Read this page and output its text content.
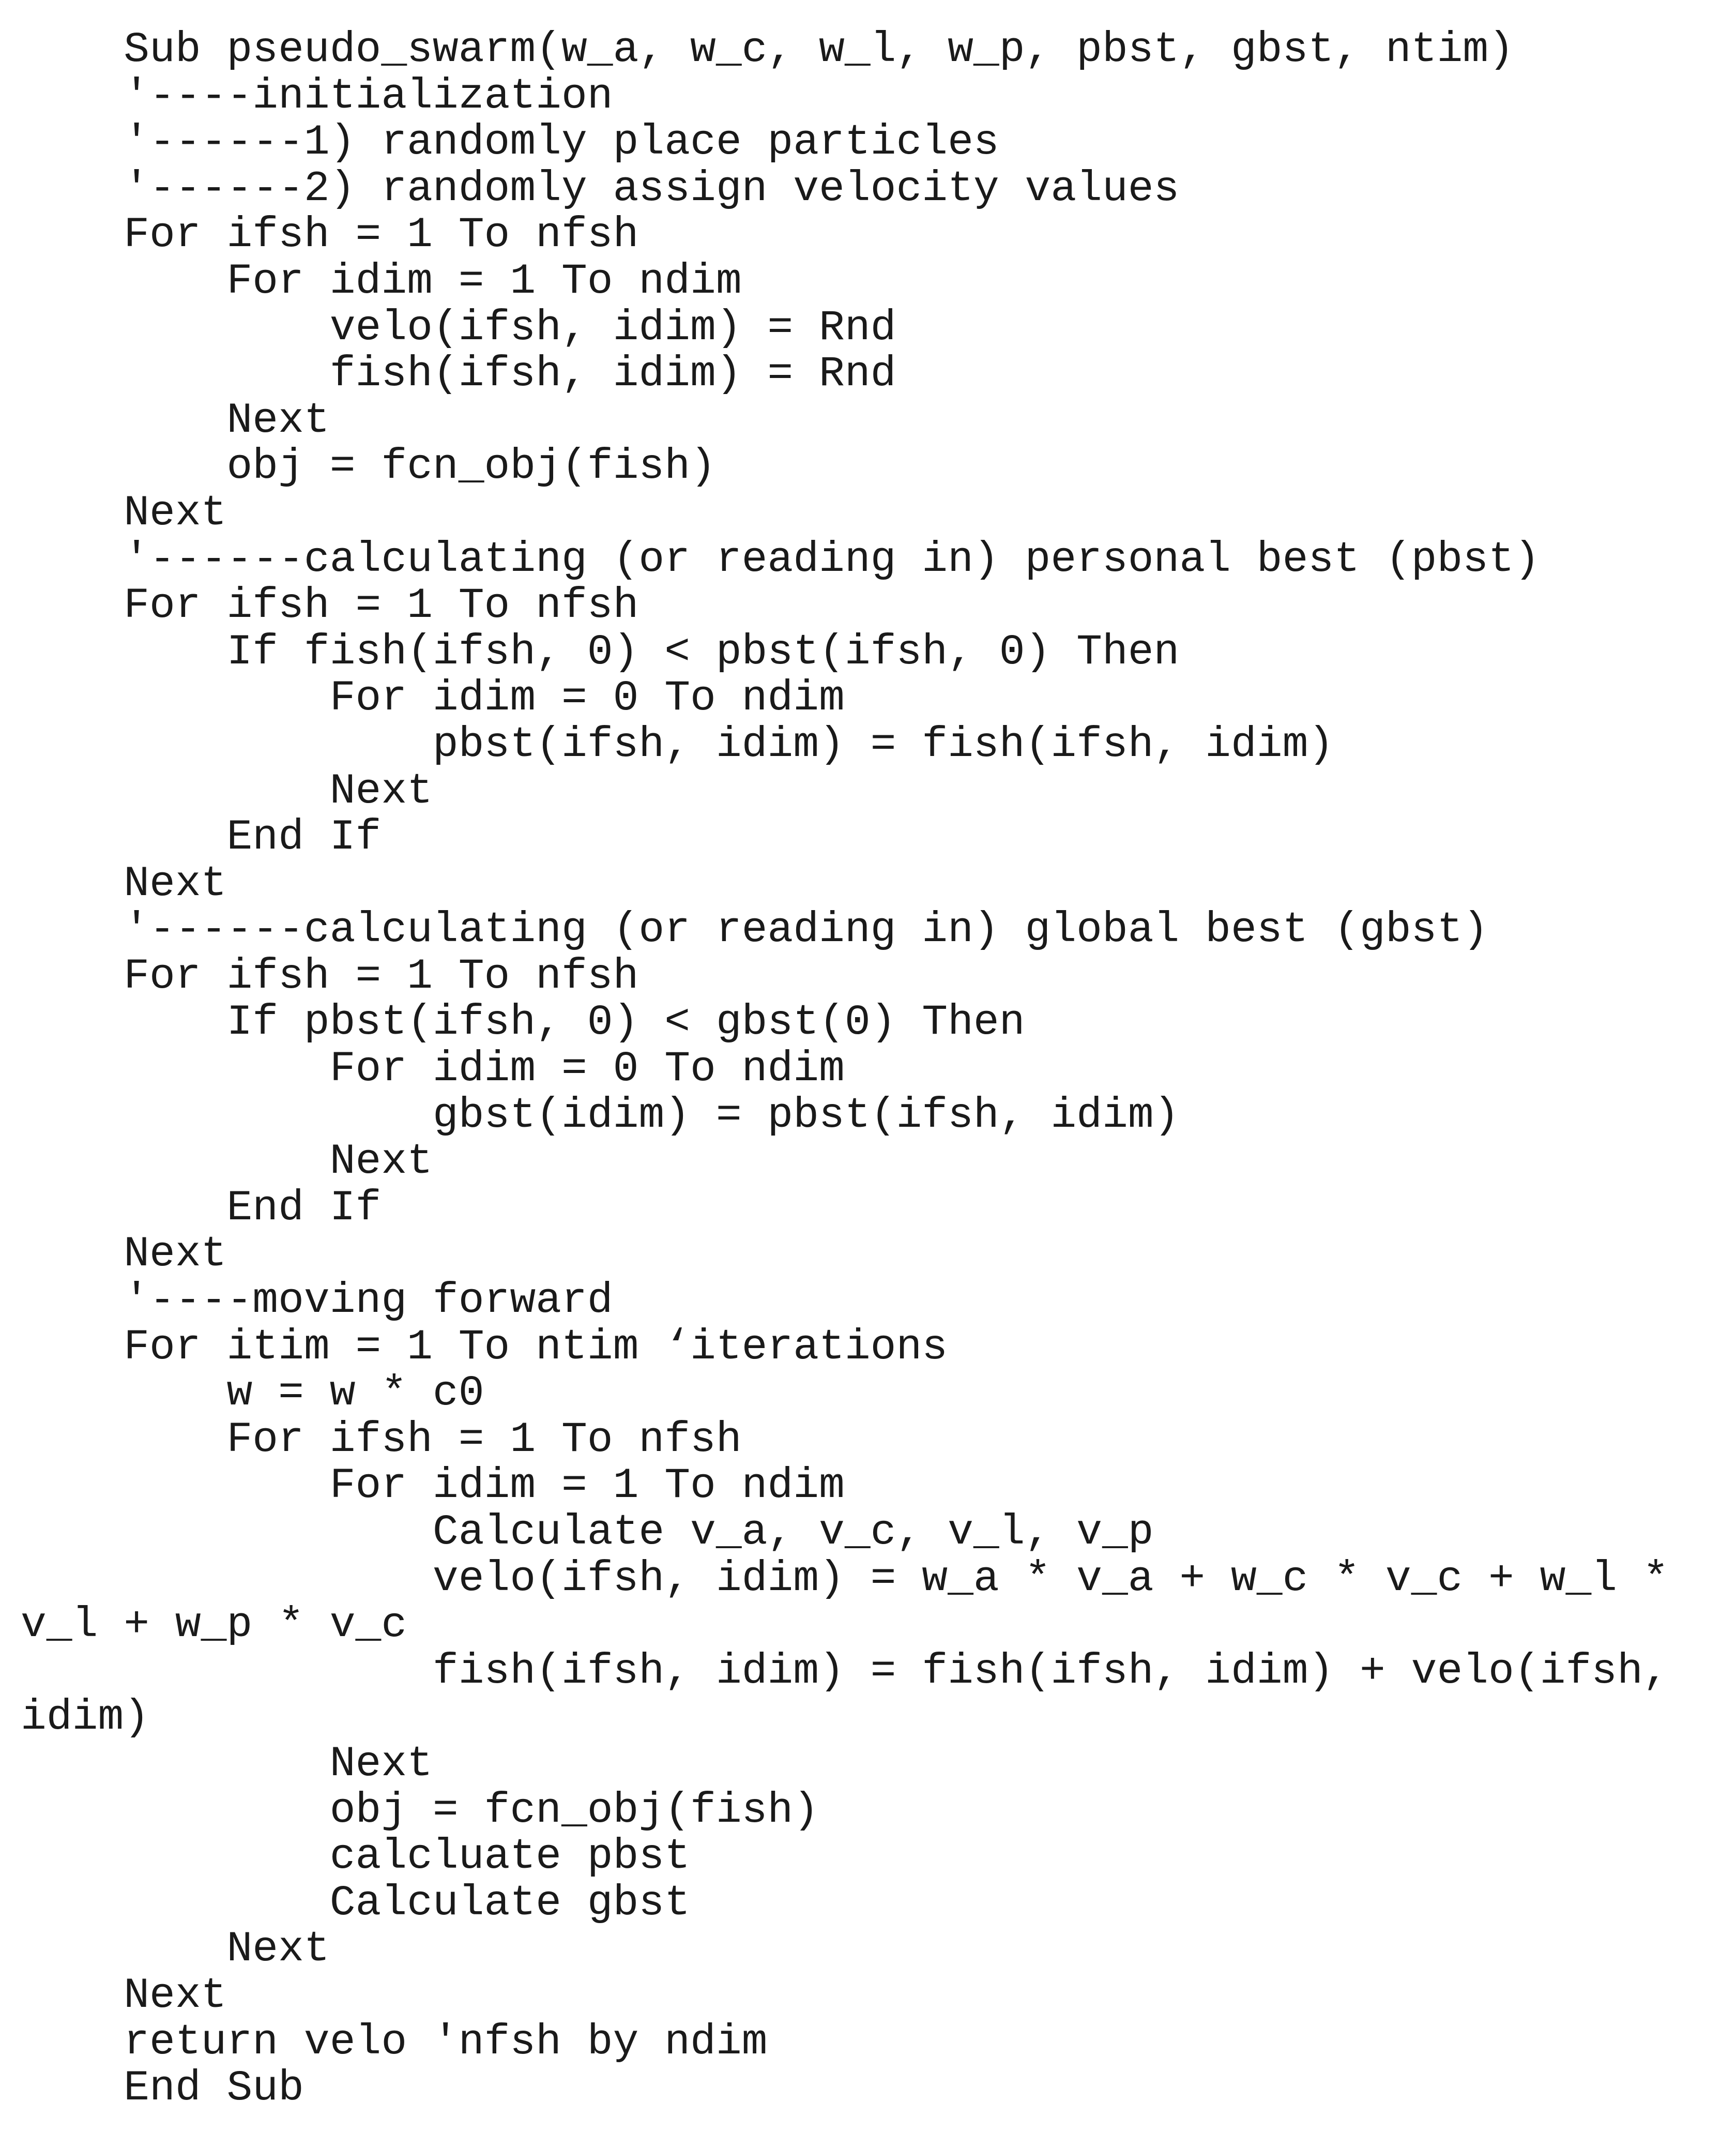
Sub pseudo_swarm(w_a, w_c, w_l, w_p, pbst, gbst, ntim)
'----initialization
'------1) randomly place particles
'------2) randomly assign velocity values
For ifsh = 1 To nfsh
For idim = 1 To ndim
velo(ifsh, idim) = Rnd
fish(ifsh, idim) = Rnd
Next
obj = fcn_obj(fish)
Next
'------calculating (or reading in) personal best (pbst)
For ifsh = 1 To nfsh
If fish(ifsh, 0) < pbst(ifsh, 0) Then
For idim = 0 To ndim
pbst(ifsh, idim) = fish(ifsh, idim)
Next
End If
Next
'------calculating (or reading in) global best (gbst)
For ifsh = 1 To nfsh
If pbst(ifsh, 0) < gbst(0) Then
For idim = 0 To ndim
gbst(idim) = pbst(ifsh, idim)
Next
End If
Next
'----moving forward
For itim = 1 To ntim ‘iterations
w = w * c0
For ifsh = 1 To nfsh
For idim = 1 To ndim
Calculate v_a, v_c, v_l, v_p
velo(ifsh, idim) = w_a * v_a + w_c * v_c + w_l *
v_l + w_p * v_c
fish(ifsh, idim) = fish(ifsh, idim) + velo(ifsh,
idim)
Next
obj = fcn_obj(fish)
calcluate pbst
Calculate gbst
Next
Next
return velo 'nfsh by ndim
End Sub
